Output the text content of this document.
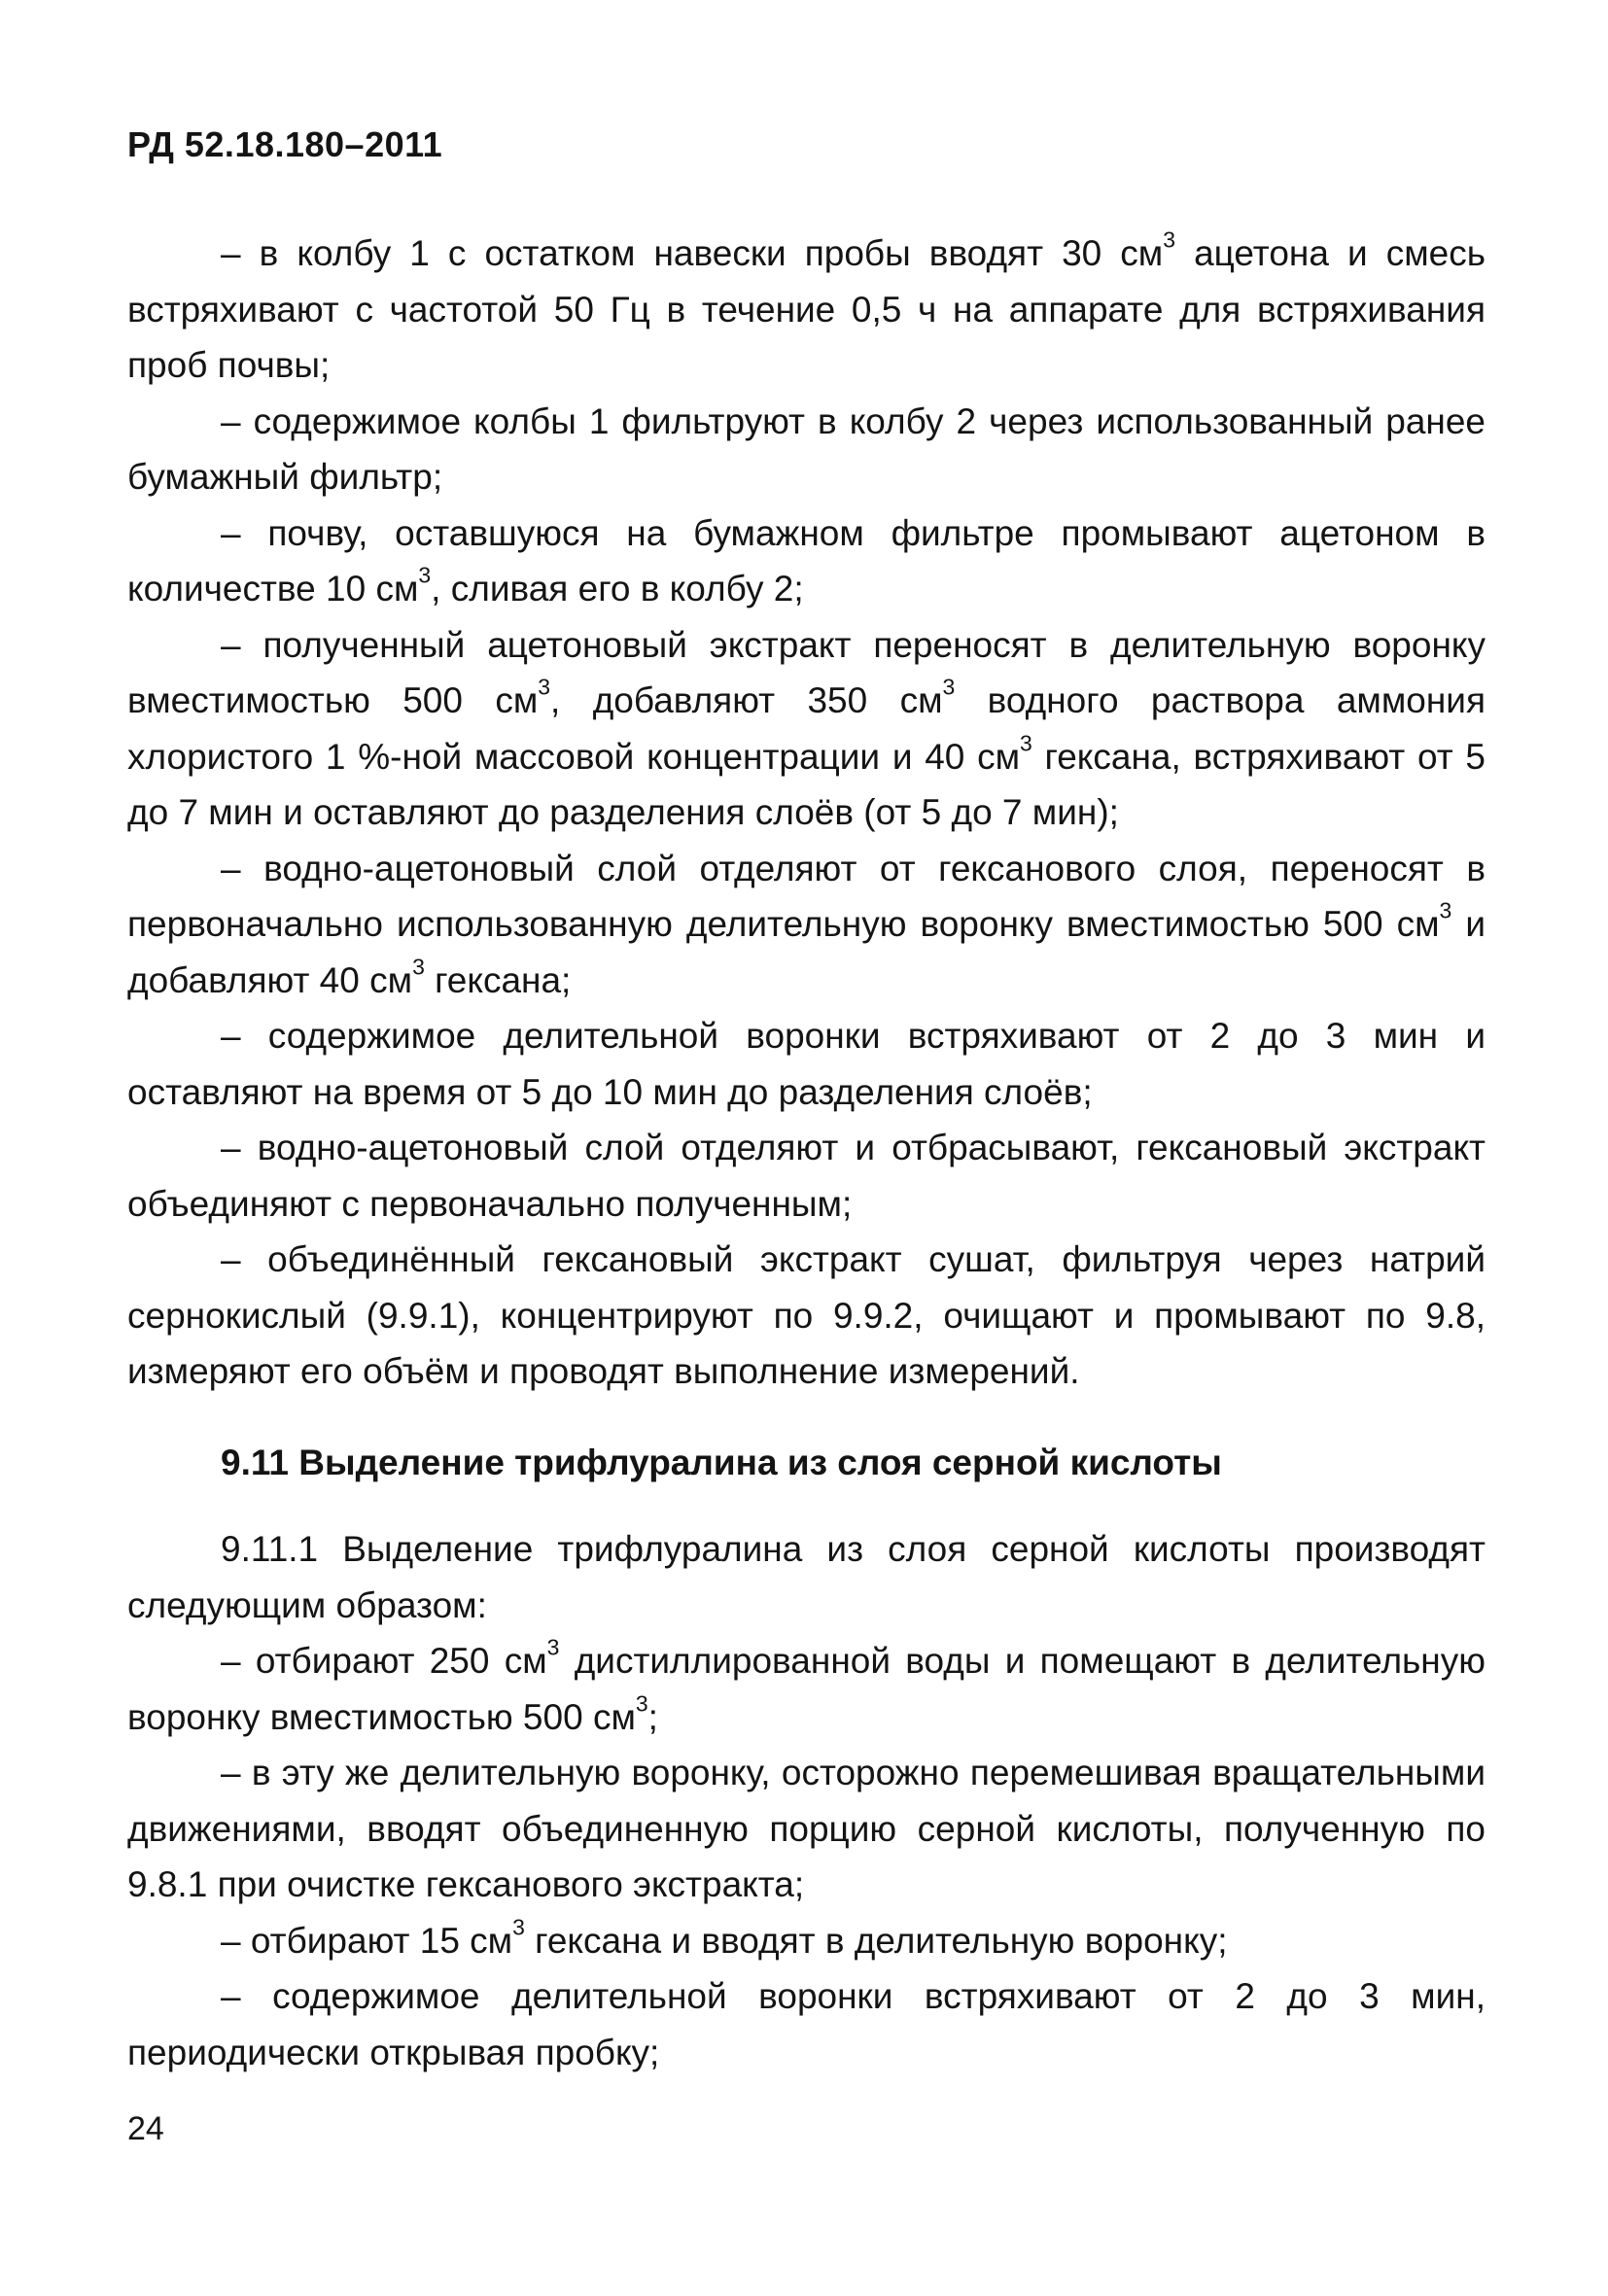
РД 52.18.180–2011

– в колбу 1 с остатком навески пробы вводят 30 $см^3$ ацетона и смесь встряхивают с частотой 50 Гц в течение 0,5 ч на аппарате для встряхивания проб почвы;

– содержимое колбы 1 фильтруют в колбу 2 через использованный ранее бумажный фильтр;

– почву, оставшуюся на бумажном фильтре промывают ацетоном в количестве 10 $см^3$, сливая его в колбу 2;

– полученный ацетоновый экстракт переносят в делительную воронку вместимостью 500 $см^3$, добавляют 350 $см^3$ водного раствора аммония хлористого 1 %-ной массовой концентрации и 40 $см^3$ гексана, встряхивают от 5 до 7 мин и оставляют до разделения слоёв (от 5 до 7 мин);

– водно-ацетоновый слой отделяют от гексанового слоя, переносят в первоначально использованную делительную воронку вместимостью 500 $см^3$ и добавляют 40 $см^3$ гексана;

– содержимое делительной воронки встряхивают от 2 до 3 мин и оставляют на время от 5 до 10 мин до разделения слоёв;

– водно-ацетоновый слой отделяют и отбрасывают, гексановый экстракт объединяют с первоначально полученным;

– объединённый гексановый экстракт сушат, фильтруя через натрий сернокислый (9.9.1), концентрируют по 9.9.2, очищают и промывают по 9.8, измеряют его объём и проводят выполнение измерений.

9.11 Выделение трифлуралина из слоя серной кислоты

9.11.1 Выделение трифлуралина из слоя серной кислоты производят следующим образом:

– отбирают 250 $см^3$ дистиллированной воды и помещают в делительную воронку вместимостью 500 $см^3$;

– в эту же делительную воронку, осторожно перемешивая вращательными движениями, вводят объединенную порцию серной кислоты, полученную по 9.8.1 при очистке гексанового экстракта;

– отбирают 15 $см^3$ гексана и вводят в делительную воронку;

– содержимое делительной воронки встряхивают от 2 до 3 мин, периодически открывая пробку;

24
